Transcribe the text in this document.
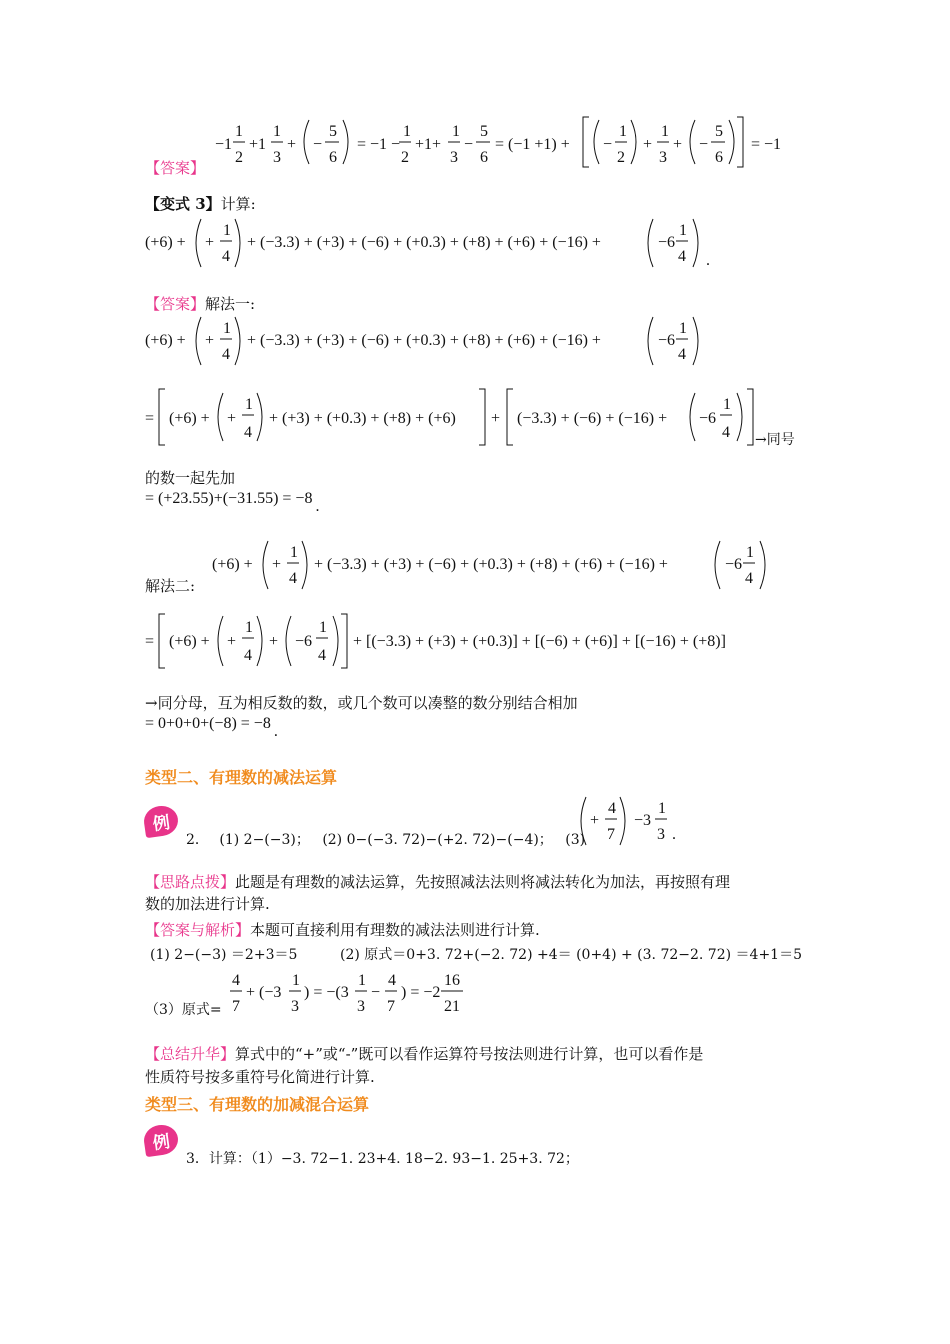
−1
1
2
+1
1
3
+ −
5
6
= −1 −
1
2
+1+
1
3
−
5
6
= (−1 +1) + −
1
2
+
1
3
+ −
5
6
= −1
【答案】
【变式 3】计算:
(+6) + +
1
4
+ (−3.3) + (+3) + (−6) + (+0.3) + (+8) + (+6) + (−16) +	−6
1
4 .
【答案】解法一:
(+6) + +
1
4
+ (−3.3) + (+3) + (−6) + (+0.3) + (+8) + (+6) + (−16) +	−6
1
4
= (+6) + +
1
4
+ (+3) + (+0.3) + (+8) + (+6) + (−3.3) + (−6) + (−16) + −6
1
4 →同号
的数一起先加
= (+23.55)+(−31.55) = −8 .
解法二:
(+6) + +
1
4
+ (−3.3) + (+3) + (−6) + (+0.3) + (+8) + (+6) + (−16) +	−6
1
4
= (+6) + +
1
4
+ −6
1
4
+ [(−3.3) + (+3) + (+0.3)] + [(−6) + (+6)] + [(−16) + (+8)]
→同分母，互为相反数的数，或几个数可以凑整的数分别结合相加
= 0+0+0+(−8) = −8 .
类型二、有理数的减法运算
例
2． (1) 2−(−3)； (2) 0−(−3. 72)−(+2. 72)−(−4)； (3)
+
4
7
−3
1
3 .
【思路点拨】此题是有理数的减法运算，先按照减法法则将减法转化为加法，再按照有理
数的加法进行计算.
【答案与解析】本题可直接利用有理数的减法法则进行计算.
(1) 2−(−3) ＝2+3＝5	(2) 原式＝0+3. 72+(−2. 72) +4＝ (0+4) + (3. 72−2. 72) ＝4+1＝5
（3）原式=
4
7
+ (−3
1
3
) = −(3
1
3
−
4
7
) = −2
16
21
【总结升华】算式中的“+”或“-”既可以看作运算符号按法则进行计算，也可以看作是
性质符号按多重符号化简进行计算.
类型三、有理数的加减混合运算
例
3．计算：（1）−3. 72−1. 23+4. 18−2. 93−1. 25+3. 72；
